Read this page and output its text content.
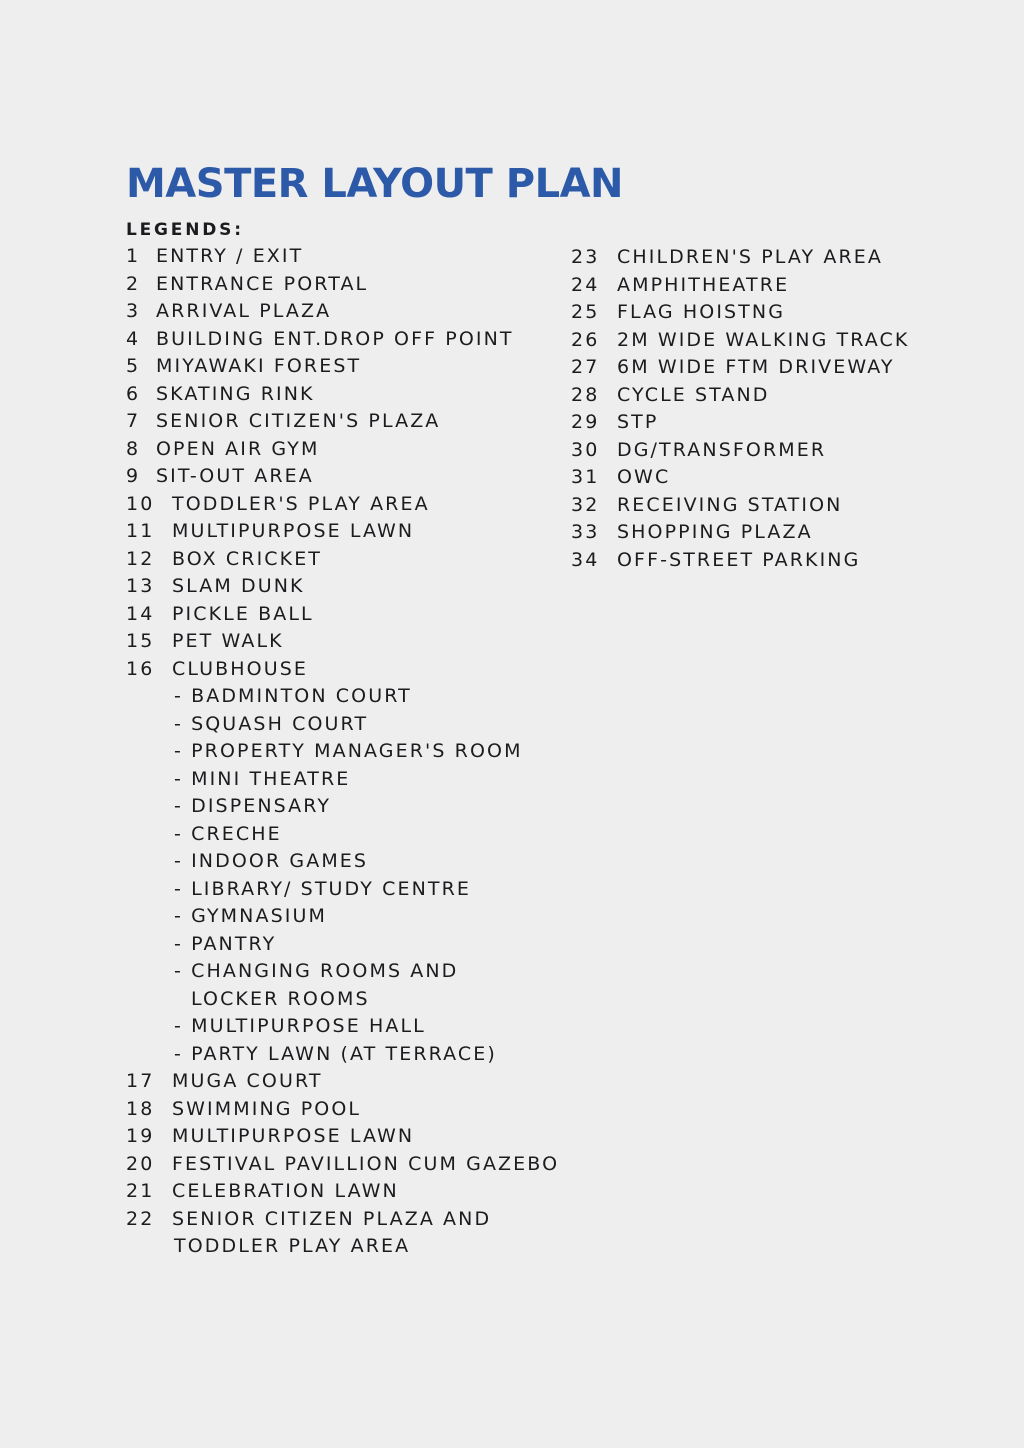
MASTER LAYOUT PLAN
LEGENDS:
1 ENTRY / EXIT
2 ENTRANCE PORTAL
3 ARRIVAL PLAZA
4 BUILDING ENT.DROP OFF POINT
5 MIYAWAKI FOREST
6 SKATING RINK
7 SENIOR CITIZEN'S PLAZA
8 OPEN AIR GYM
9 SIT-OUT AREA
10 TODDLER'S PLAY AREA
11 MULTIPURPOSE LAWN
12 BOX CRICKET
13 SLAM DUNK
14 PICKLE BALL
15 PET WALK
16 CLUBHOUSE
- BADMINTON COURT
- SQUASH COURT
- PROPERTY MANAGER'S ROOM
- MINI THEATRE
- DISPENSARY
- CRECHE
- INDOOR GAMES
- LIBRARY/ STUDY CENTRE
- GYMNASIUM
- PANTRY
- CHANGING ROOMS AND
LOCKER ROOMS
- MULTIPURPOSE HALL
- PARTY LAWN (AT TERRACE)
17 MUGA COURT
18 SWIMMING POOL
19 MULTIPURPOSE LAWN
20 FESTIVAL PAVILLION CUM GAZEBO
21 CELEBRATION LAWN
22 SENIOR CITIZEN PLAZA AND
TODDLER PLAY AREA
23 CHILDREN'S PLAY AREA
24 AMPHITHEATRE
25 FLAG HOISTNG
26 2M WIDE WALKING TRACK
27 6M WIDE FTM DRIVEWAY
28 CYCLE STAND
29 STP
30 DG/TRANSFORMER
31 OWC
32 RECEIVING STATION
33 SHOPPING PLAZA
34 OFF-STREET PARKING
